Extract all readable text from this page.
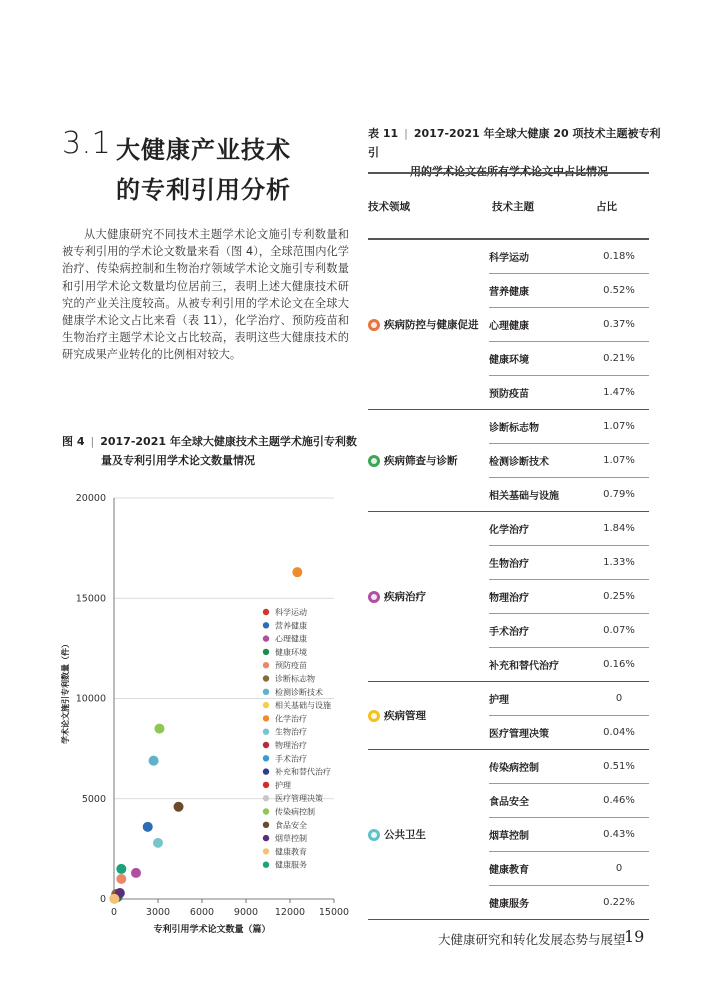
3.1 大健康产业技术
的专利引用分析
从大健康研究不同技术主题学术论文施引专利数量和被专利引用的学术论文数量来看（图 4），全球范围内化学治疗、传染病控制和生物治疗领域学术论文施引专利数量和引用学术论文数量均位居前三，表明上述大健康技术研究的产业关注度较高。从被专利引用的学术论文在全球大健康学术论文占比来看（表 11），化学治疗、预防疫苗和生物治疗主题学术论文占比较高，表明这些大健康技术的研究成果产业转化的比例相对较大。
图 4 | 2017-2021 年全球大健康技术主题学术施引专利数
量及专利引用学术论文数量情况
0
5000
10000
15000
20000
0	3000 6000 9000 12000 15000
科学运动
营养健康
心理健康
健康环境
预防疫苗
诊断标志物
检测诊断技术
相关基础与设施
化学治疗
生物治疗
物理治疗
手术治疗
补充和替代治疗
护理
医疗管理决策
传染病控制
食品安全
烟草控制
健康教育
健康服务
专利引用学术论文数量（篇）
学术论文施引专利数量（件）
表 11 | 2017-2021 年全球大健康 20 项技术主题被专利引
用的学术论文在所有学术论文中占比情况
技术领域	技术主题	占比
疾病防控与健康促进
科学运动	0.18%
营养健康	0.52%
心理健康	0.37%
健康环境	0.21%
预防疫苗	1.47%
疾病筛查与诊断
诊断标志物	1.07%
检测诊断技术	1.07%
相关基础与设施	0.79%
疾病治疗
化学治疗	1.84%
生物治疗	1.33%
物理治疗	0.25%
手术治疗	0.07%
补充和替代治疗	0.16%
疾病管理
护理	0
医疗管理决策	0.04%
公共卫生
传染病控制	0.51%
食品安全	0.46%
烟草控制	0.43%
健康教育	0
健康服务	0.22%
大健康研究和转化发展态势与展望
19
